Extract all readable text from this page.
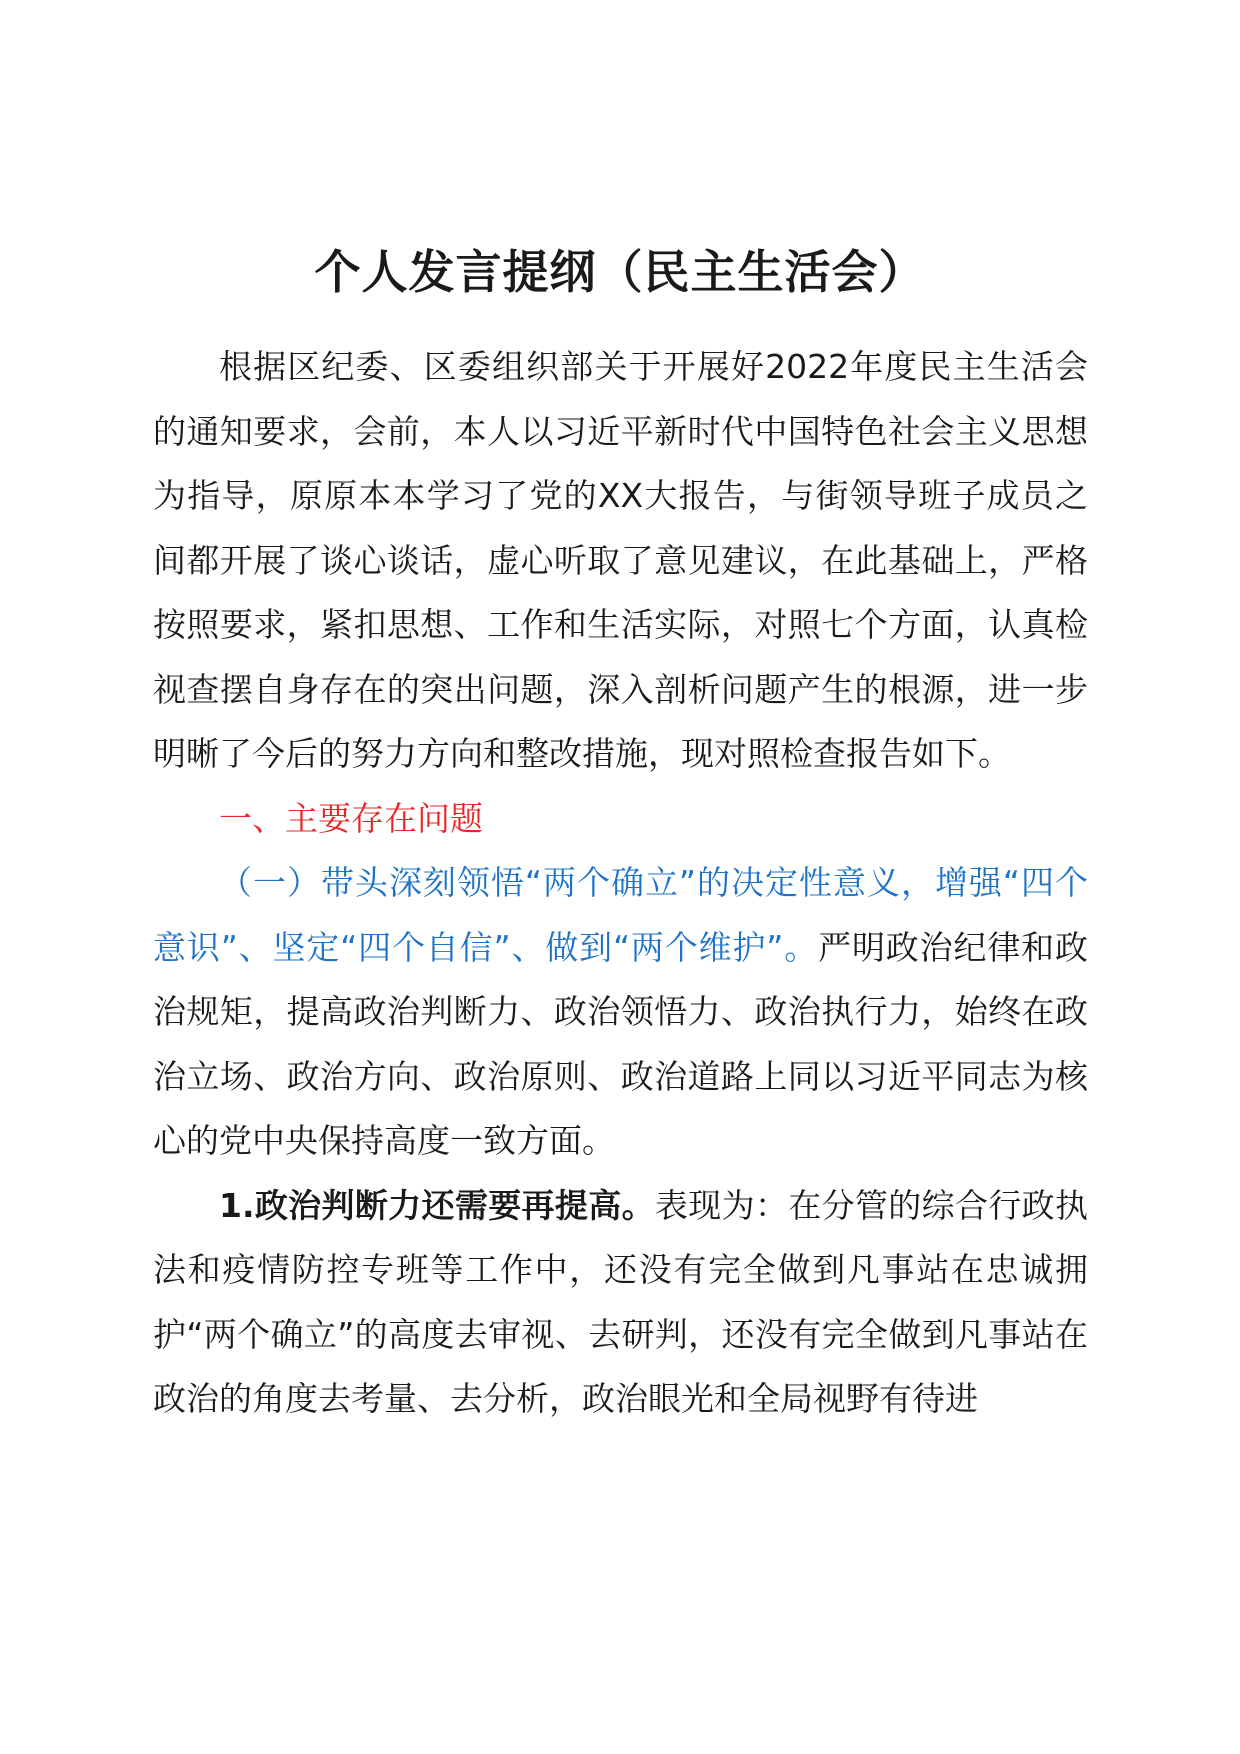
个人发言提纲（民主生活会）

根据区纪委、区委组织部关于开展好2022年度民主生活会的通知要求，会前，本人以习近平新时代中国特色社会主义思想为指导，原原本本学习了党的XX大报告，与街领导班子成员之间都开展了谈心谈话，虚心听取了意见建议，在此基础上，严格按照要求，紧扣思想、工作和生活实际，对照七个方面，认真检视查摆自身存在的突出问题，深入剖析问题产生的根源，进一步明晰了今后的努力方向和整改措施，现对照检查报告如下。

一、主要存在问题

（一）带头深刻领悟“两个确立”的决定性意义，增强“四个意识”、坚定“四个自信”、做到“两个维护”。严明政治纪律和政治规矩，提高政治判断力、政治领悟力、政治执行力，始终在政治立场、政治方向、政治原则、政治道路上同以习近平同志为核心的党中央保持高度一致方面。

1.政治判断力还需要再提高。表现为：在分管的综合行政执法和疫情防控专班等工作中，还没有完全做到凡事站在忠诚拥护“两个确立”的高度去审视、去研判，还没有完全做到凡事站在政治的角度去考量、去分析，政治眼光和全局视野有待进
